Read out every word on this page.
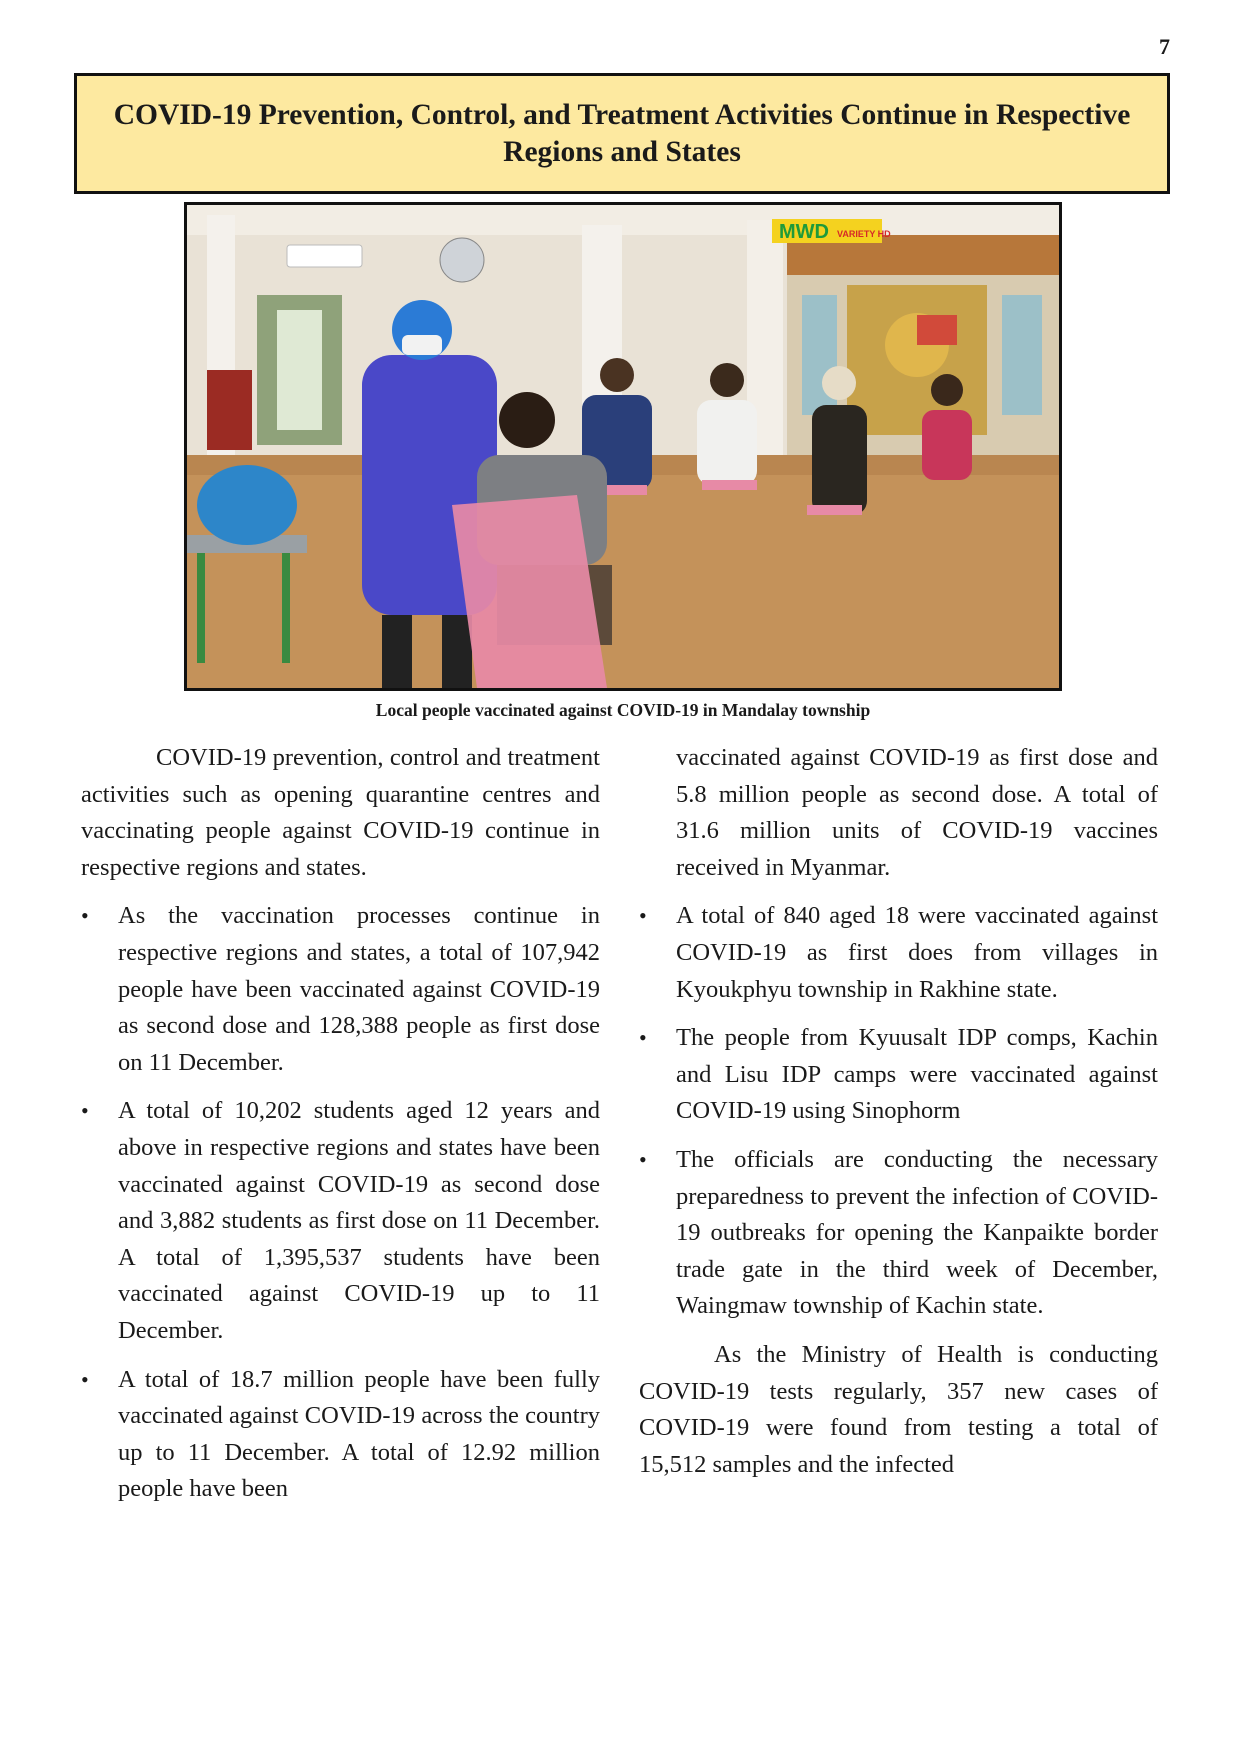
7
COVID-19 Prevention, Control, and Treatment Activities Continue in Respective Regions and States
MWD VARIETY HD
Local people vaccinated against COVID-19 in Mandalay township

COVID-19 prevention, control and treatment activities such as opening quarantine centres and vaccinating people against COVID-19 continue in respective regions and states.

•	As the vaccination processes continue in respective regions and states, a total of 107,942 people have been vaccinated against COVID-19 as second dose and 128,388 people as first dose on 11 December.
•	A total of 10,202 students aged 12 years and above in respective regions and states have been vaccinated against COVID-19 as second dose and 3,882 students as first dose on 11 December. A total of 1,395,537 students have been vaccinated against COVID-19 up to 11 December.
•	A total of 18.7 million people have been fully vaccinated against COVID-19 across the country up to 11 December. A total of 12.92 million people have been

vaccinated against COVID-19 as first dose and 5.8 million people as second dose. A total of 31.6 million units of COVID-19 vaccines received in Myanmar.

•	A total of 840 aged 18 were vaccinated against COVID-19 as first does from villages in Kyoukphyu township in Rakhine state.
•	The people from Kyuusalt IDP comps, Kachin and Lisu IDP camps were vaccinated against COVID-19 using Sinophorm
•	The officials are conducting the necessary preparedness to prevent the infection of COVID-19 outbreaks for opening the Kanpaikte border trade gate in the third week of December, Waingmaw township of Kachin state.

As the Ministry of Health is conducting COVID-19 tests regularly, 357 new cases of COVID-19 were found from testing a total of 15,512 samples and the infected
